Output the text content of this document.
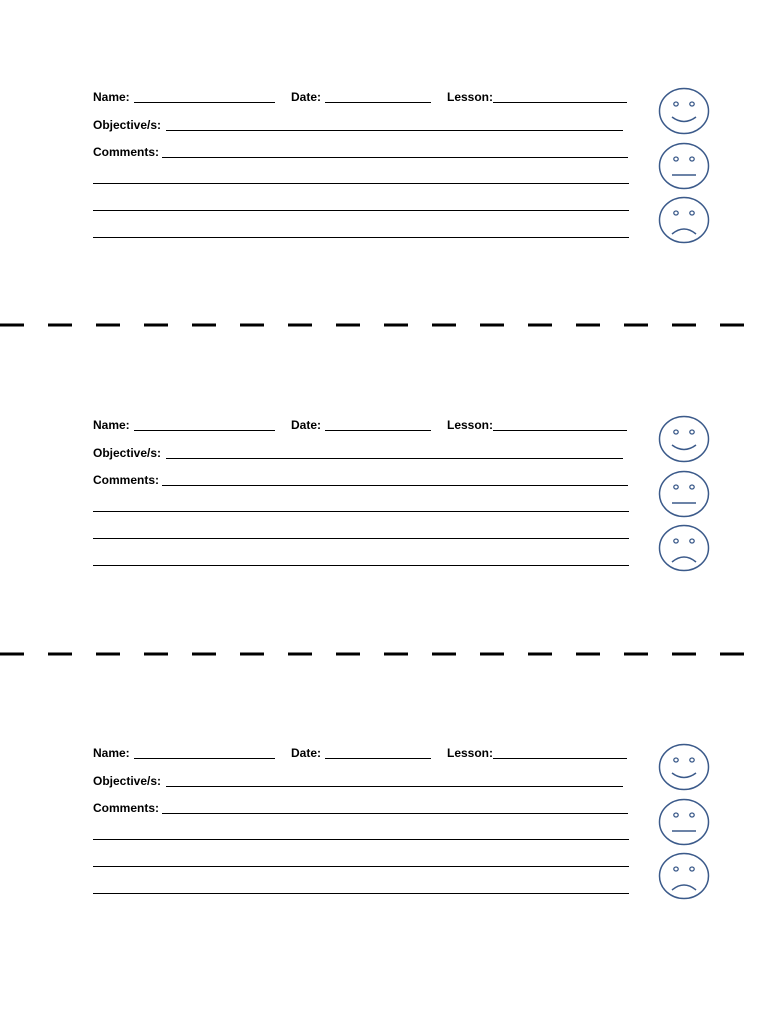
Name:	Date:	Lesson:
Objective/s:
Comments:
Name:	Date:	Lesson:
Objective/s:
Comments:
Name:	Date:	Lesson:
Objective/s:
Comments:
